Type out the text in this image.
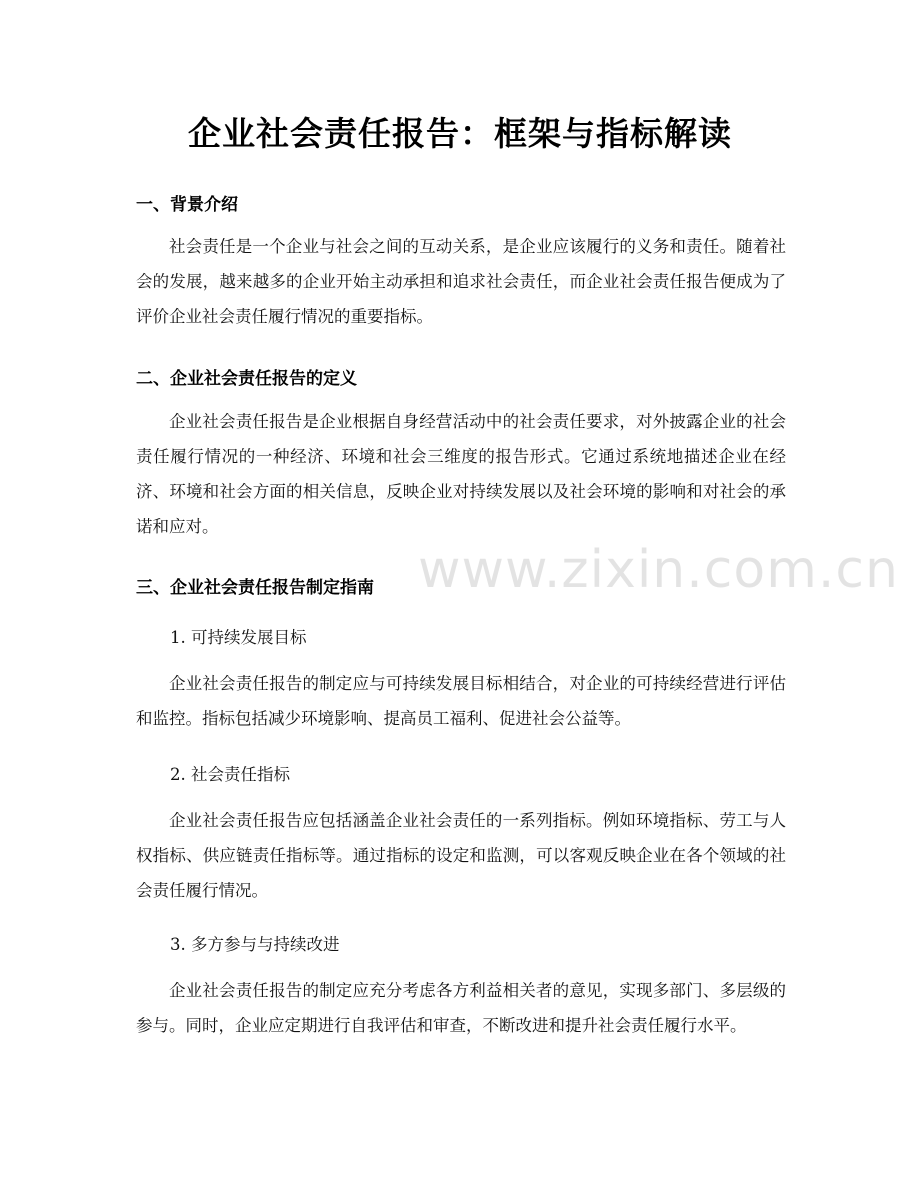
企业社会责任报告：框架与指标解读
一、背景介绍
社会责任是一个企业与社会之间的互动关系，是企业应该履行的义务和责任。随着社会的发展，越来越多的企业开始主动承担和追求社会责任，而企业社会责任报告便成为了评价企业社会责任履行情况的重要指标。
二、企业社会责任报告的定义
企业社会责任报告是企业根据自身经营活动中的社会责任要求，对外披露企业的社会责任履行情况的一种经济、环境和社会三维度的报告形式。它通过系统地描述企业在经济、环境和社会方面的相关信息，反映企业对持续发展以及社会环境的影响和对社会的承诺和应对。
三、企业社会责任报告制定指南
1. 可持续发展目标
企业社会责任报告的制定应与可持续发展目标相结合，对企业的可持续经营进行评估和监控。指标包括减少环境影响、提高员工福利、促进社会公益等。
2. 社会责任指标
企业社会责任报告应包括涵盖企业社会责任的一系列指标。例如环境指标、劳工与人权指标、供应链责任指标等。通过指标的设定和监测，可以客观反映企业在各个领域的社会责任履行情况。
3. 多方参与与持续改进
企业社会责任报告的制定应充分考虑各方利益相关者的意见，实现多部门、多层级的参与。同时，企业应定期进行自我评估和审查，不断改进和提升社会责任履行水平。
www.zixin.com.cn
